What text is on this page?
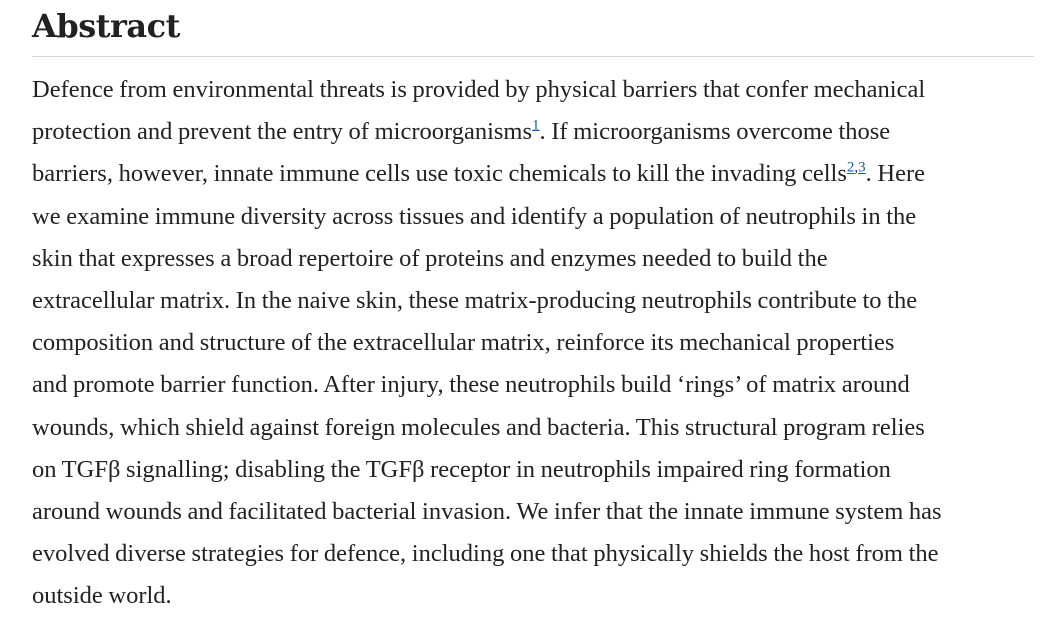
Abstract

Defence from environmental threats is provided by physical barriers that confer mechanical
protection and prevent the entry of microorganisms$^1$. If microorganisms overcome those
barriers, however, innate immune cells use toxic chemicals to kill the invading cells$^{2,3}$. Here
we examine immune diversity across tissues and identify a population of neutrophils in the
skin that expresses a broad repertoire of proteins and enzymes needed to build the
extracellular matrix. In the naive skin, these matrix-producing neutrophils contribute to the
composition and structure of the extracellular matrix, reinforce its mechanical properties
and promote barrier function. After injury, these neutrophils build ‘rings’ of matrix around
wounds, which shield against foreign molecules and bacteria. This structural program relies
on TGFβ signalling; disabling the TGFβ receptor in neutrophils impaired ring formation
around wounds and facilitated bacterial invasion. We infer that the innate immune system has
evolved diverse strategies for defence, including one that physically shields the host from the
outside world.
